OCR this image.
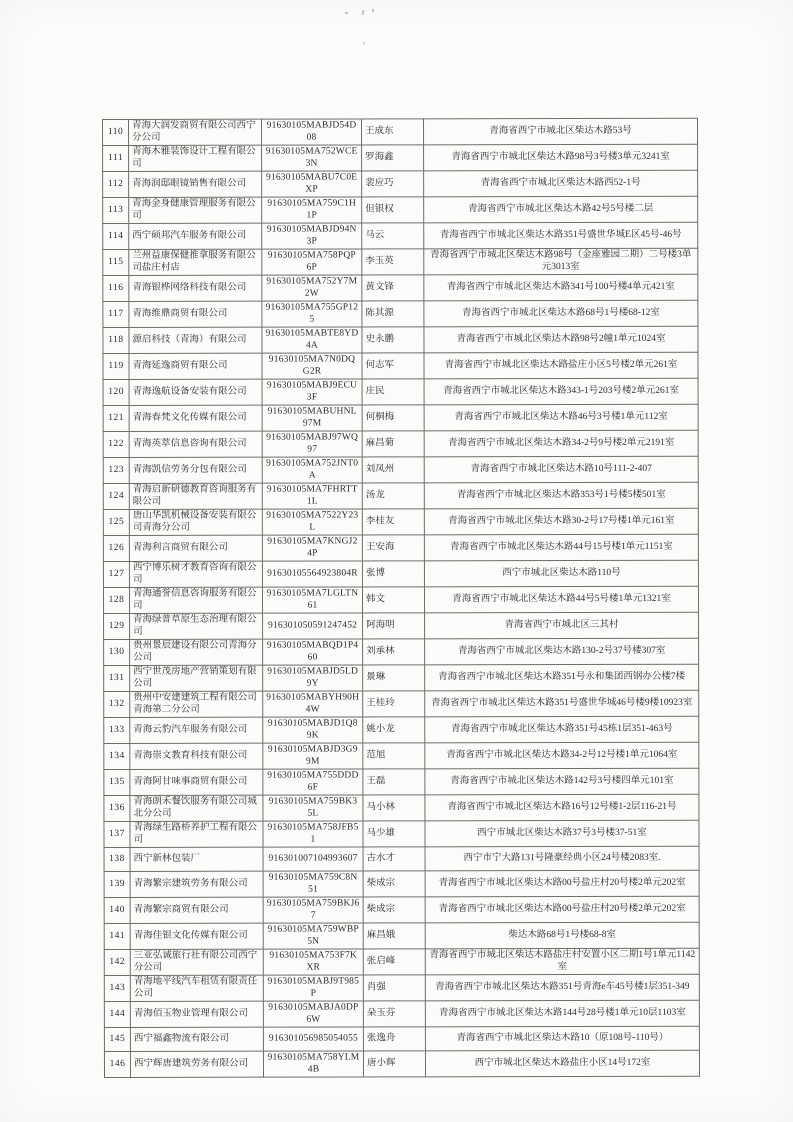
110	青海大润发商贸有限公司西宁分公司	91630105MABJD54D08	王成东	青海省西宁市城北区柴达木路53号
111	青海木雅装饰设计工程有限公司	91630105MA752WCE3N	罗海鑫	青海省西宁市城北区柴达木路98号3号楼3单元3241室
112	青海润邸眼镜销售有限公司	91630105MABU7C0EXP	裴应巧	青海省西宁市城北区柴达木路西52-1号
113	青海金身健康管理服务有限公司	91630105MA759C1H1P	但银权	青海省西宁市城北区柴达木路42号5号楼二层
114	西宁硕邦汽车服务有限公司	91630105MABJD94N3P	马云	青海省西宁市城北区柴达木路351号盛世华城E区45号-46号
115	兰州益康保健推拿服务有限公司盐庄村店	91630105MA758PQP6P	李玉英	青海省西宁市城北区柴达木路98号（金座雅园二期）二号楼3单元3013室
116	青海银桦网络科技有限公司	91630105MA752Y7M2W	黄文锋	青海省西宁市城北区柴达木路341号100号楼4单元421室
117	青海维鼎商贸有限公司	91630105MA755GP125	陈其源	青海省西宁市城北区柴达木路68号1号楼68-12室
118	源启科技（青海）有限公司	91630105MABTE8YD4A	史永鹏	青海省西宁市城北区柴达木路98号2幢1单元1024室
119	青海延逸商贸有限公司	91630105MA7N0DQG2R	何志军	青海省西宁市城北区柴达木路盐庄小区5号楼2单元261室
120	青海逸航设备安装有限公司	91630105MABJ9ECU3F	庄民	青海省西宁市城北区柴达木路343-1号203号楼2单元261室
121	青海春梵文化传媒有限公司	91630105MABUHNL97M	何桐梅	青海省西宁市城北区柴达木路46号3号楼1单元112室
122	青海英萃信息咨询有限公司	91630105MABJ97WQ97	麻昌菊	青海省西宁市城北区柴达木路34-2号9号楼2单元2191室
123	青海凯信劳务分包有限公司	91630105MA752JNT0A	刘凤州	青海省西宁市城北区柴达木路10号111-2-407
124	青海启新研德教育咨询服务有限公司	91630105MA7FHRTT1L	汤龙	青海省西宁市城北区柴达木路353号1号楼5楼501室
125	唐山华凯机械设备安装有限公司青海分公司	91630105MA7522Y23L	李桂友	青海省西宁市城北区柴达木路30-2号17号楼1单元161室
126	青海利言商贸有限公司	91630105MA7KNGJ24P	王安海	青海省西宁市城北区柴达木路44号15号楼1单元1151室
127	西宁博乐树才教育咨询有限公司	91630105564923804R	张博	西宁市城北区柴达木路110号
128	青海通誉信息咨询服务有限公司	91630105MA7LGLTN61	韩文	青海省西宁市城北区柴达木路44号5号楼1单元1321室
129	青海绿普草原生态治理有限公司	916301050591247452	阿海明	青海省西宁市城北区三其村
130	贵州景辰建设有限公司青海分公司	91630105MABQD1P460	刘承林	青海省西宁市城北区柴达木路130-2号37号楼307室
131	西宁世茂房地产营销策划有限公司	91630105MABJD5LD9Y	景琳	青海省西宁市城北区柴达木路351号永和集团西钢办公楼7楼
132	贵州中安建建筑工程有限公司青海第二分公司	91630105MABYH90H4W	王桂玲	青海省西宁市城北区柴达木路351号盛世华城46号楼9楼10923室
133	青海云豹汽车服务有限公司	91630105MABJD1Q89K	姚小龙	青海省西宁市城北区柴达木路351号45栋1层351-463号
134	青海崇文教育科技有限公司	91630105MABJD3G99M	范旭	青海省西宁市城北区柴达木路34-2号12号楼1单元1064室
135	青海阿甘味事商贸有限公司	91630105MA755DDD6F	王磊	青海省西宁市城北区柴达木路142号3号楼四单元101室
136	青海朗禾餐饮服务有限公司城北分公司	91630105MA759BK35L	马小林	青海省西宁市城北区柴达木路16号12号楼1-2层116-21号
137	青海绿生路桥养护工程有限公司	91630105MA758JFB51	马少雄	西宁市城北区柴达木路37号3号楼37-51室
138	西宁新林包装厂	916301007104993607	古水才	西宁市宁大路131号隆豪经典小区24号楼2083室.
139	青海繁宗建筑劳务有限公司	91630105MA759C8N51	柴成宗	青海省西宁市城北区柴达木路00号盐庄村20号楼2单元202室
140	青海繁宗商贸有限公司	91630105MA759BKJ67	柴成宗	青海省西宁市城北区柴达木路00号盐庄村20号楼2单元202室
141	青海佳银文化传媒有限公司	91630105MA759WBP5N	麻昌娥	柴达木路68号1号楼68-8室
142	三亚弘诚旅行社有限公司西宁分公司	91630105MA753F7KXR	张启峰	青海省西宁市城北区柴达木路盐庄村安置小区二期1号1单元1142室
143	青海地平线汽车租赁有限责任公司	91630105MABJ9T985P	肖强	青海省西宁市城北区柴达木路351号青海e车45号楼1层351-349
144	青海佰玉物业管理有限公司	91630105MABJA0DP6W	朵玉芬	青海省西宁市城北区柴达木路144号28号楼1单元10层1103室
145	西宁福鑫物流有限公司	916301056985054055	张逸舟	青海省西宁市城北区柴达木路10（原108号-110号）
146	西宁辉唐建筑劳务有限公司	91630105MA758YLM4B	唐小辉	西宁市城北区柴达木路盐庄小区14号172室
